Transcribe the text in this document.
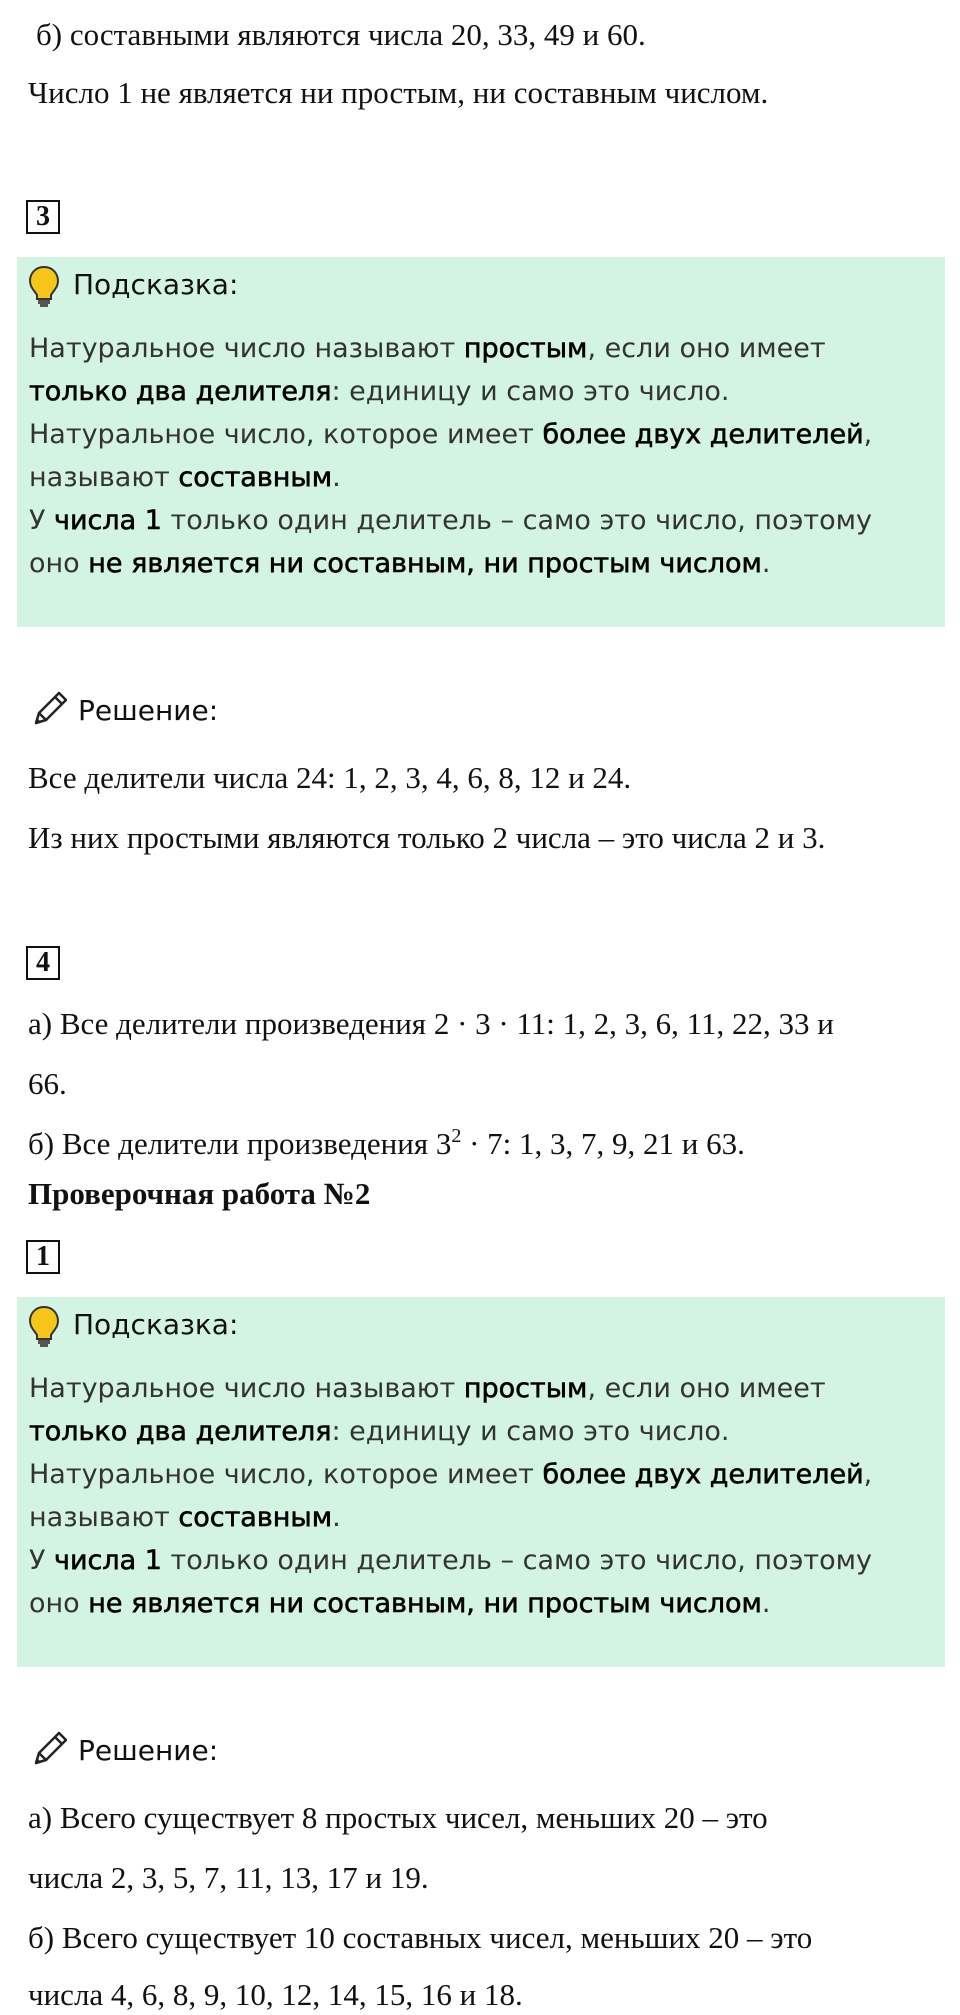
б) составными являются числа 20, 33, 49 и 60.
Число 1 не является ни простым, ни составным числом.
3
Подсказка:
Натуральное число называют простым, если оно имеет
только два делителя: единицу и само это число.
Натуральное число, которое имеет более двух делителей,
называют составным.
У числа 1 только один делитель – само это число, поэтому
оно не является ни составным, ни простым числом.
Решение:
Все делители числа 24: 1, 2, 3, 4, 6, 8, 12 и 24.
Из них простыми являются только 2 числа – это числа 2 и 3.
4
а) Все делители произведения 2 · 3 · 11: 1, 2, 3, 6, 11, 22, 33 и
66.
б) Все делители произведения $3^2 \cdot 7$: 1, 3, 7, 9, 21 и 63.
Проверочная работа №2
1
Подсказка:
Натуральное число называют простым, если оно имеет
только два делителя: единицу и само это число.
Натуральное число, которое имеет более двух делителей,
называют составным.
У числа 1 только один делитель – само это число, поэтому
оно не является ни составным, ни простым числом.
Решение:
а) Всего существует 8 простых чисел, меньших 20 – это
числа 2, 3, 5, 7, 11, 13, 17 и 19.
б) Всего существует 10 составных чисел, меньших 20 – это
числа 4, 6, 8, 9, 10, 12, 14, 15, 16 и 18.
